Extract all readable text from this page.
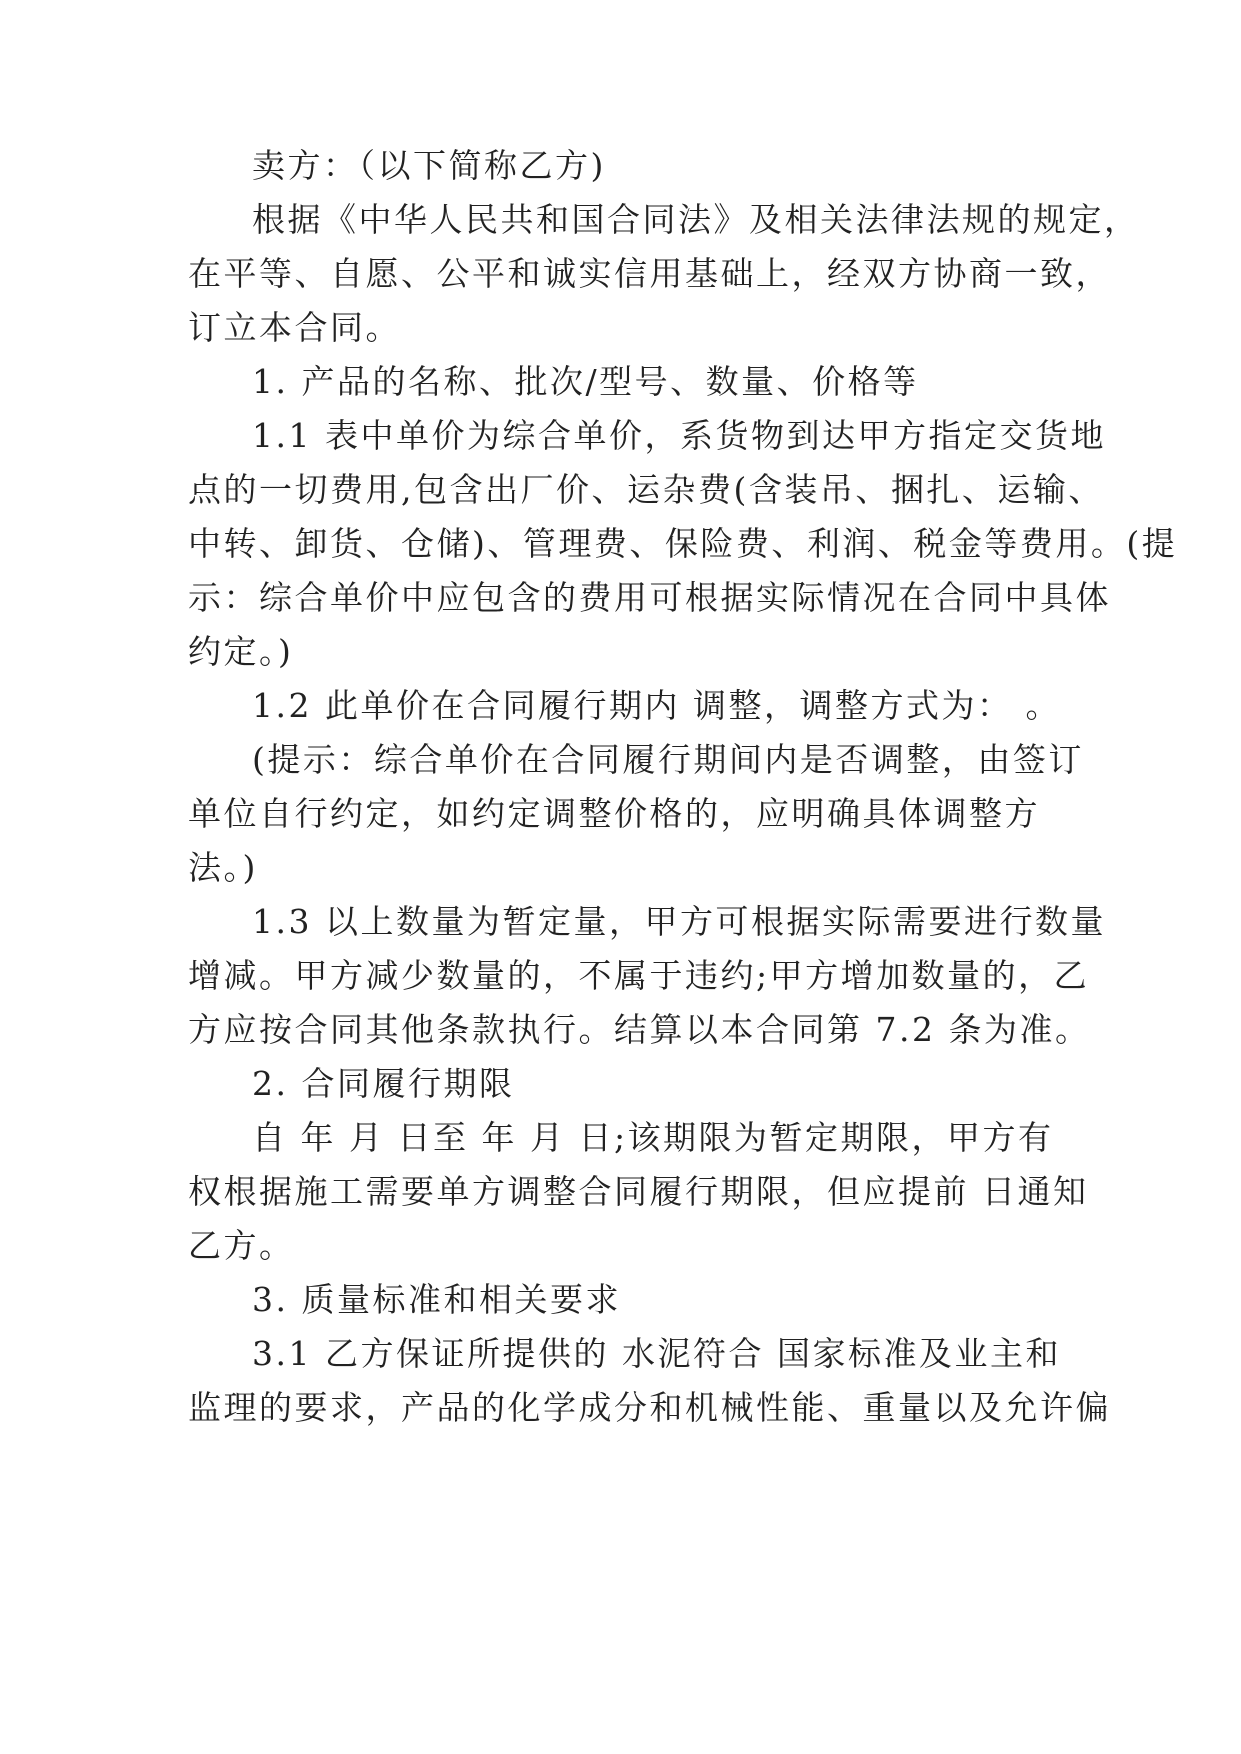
卖方：（以下简称乙方)
根据《中华人民共和国合同法》及相关法律法规的规定，
在平等、自愿、公平和诚实信用基础上，经双方协商一致，
订立本合同。
1. 产品的名称、批次/型号、数量、价格等
1.1 表中单价为综合单价，系货物到达甲方指定交货地
点的一切费用,包含出厂价、运杂费(含装吊、捆扎、运输、
中转、卸货、仓储)、管理费、保险费、利润、税金等费用。(提
示：综合单价中应包含的费用可根据实际情况在合同中具体
约定。)
1.2 此单价在合同履行期内 调整，调整方式为： 。
(提示：综合单价在合同履行期间内是否调整，由签订
单位自行约定，如约定调整价格的，应明确具体调整方
法。)
1.3 以上数量为暂定量，甲方可根据实际需要进行数量
增减。甲方减少数量的，不属于违约;甲方增加数量的，乙
方应按合同其他条款执行。结算以本合同第 7.2 条为准。
2. 合同履行期限
自 年 月 日至 年 月 日;该期限为暂定期限，甲方有
权根据施工需要单方调整合同履行期限，但应提前 日通知
乙方。
3. 质量标准和相关要求
3.1 乙方保证所提供的 水泥符合 国家标准及业主和
监理的要求，产品的化学成分和机械性能、重量以及允许偏
